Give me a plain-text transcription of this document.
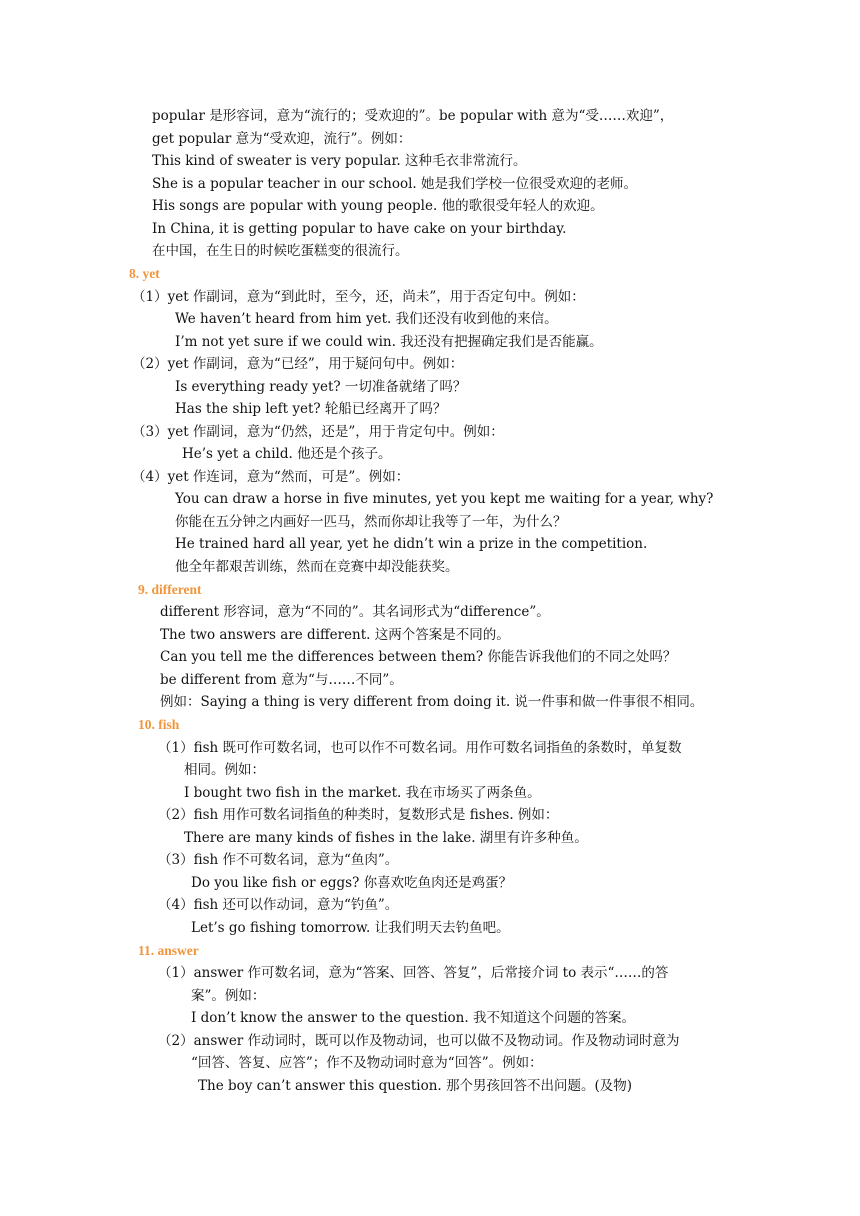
popular 是形容词，意为“流行的；受欢迎的”。be popular with 意为“受……欢迎”，
get popular 意为“受欢迎，流行”。例如：
This kind of sweater is very popular. 这种毛衣非常流行。
She is a popular teacher in our school. 她是我们学校一位很受欢迎的老师。
His songs are popular with young people. 他的歌很受年轻人的欢迎。
In China, it is getting popular to have cake on your birthday.
在中国，在生日的时候吃蛋糕变的很流行。
8. yet
（1）yet 作副词，意为“到此时，至今，还，尚未”，用于否定句中。例如：
We haven’t heard from him yet. 我们还没有收到他的来信。
I’m not yet sure if we could win. 我还没有把握确定我们是否能赢。
（2）yet 作副词，意为“已经”，用于疑问句中。例如：
Is everything ready yet? 一切准备就绪了吗？
Has the ship left yet? 轮船已经离开了吗？
（3）yet 作副词，意为“仍然，还是”，用于肯定句中。例如：
He’s yet a child. 他还是个孩子。
（4）yet 作连词，意为“然而，可是”。例如：
You can draw a horse in five minutes, yet you kept me waiting for a year, why?
你能在五分钟之内画好一匹马，然而你却让我等了一年，为什么？
He trained hard all year, yet he didn’t win a prize in the competition.
他全年都艰苦训练，然而在竞赛中却没能获奖。
9. different
different 形容词，意为“不同的”。其名词形式为“difference”。
The two answers are different. 这两个答案是不同的。
Can you tell me the differences between them? 你能告诉我他们的不同之处吗？
be different from 意为“与……不同”。
例如：Saying a thing is very different from doing it. 说一件事和做一件事很不相同。
10. fish
（1）fish 既可作可数名词，也可以作不可数名词。用作可数名词指鱼的条数时，单复数
相同。例如：
I bought two fish in the market. 我在市场买了两条鱼。
（2）fish 用作可数名词指鱼的种类时，复数形式是 fishes. 例如：
There are many kinds of fishes in the lake. 湖里有许多种鱼。
（3）fish 作不可数名词，意为“鱼肉”。
Do you like fish or eggs? 你喜欢吃鱼肉还是鸡蛋？
（4）fish 还可以作动词，意为“钓鱼”。
Let’s go fishing tomorrow. 让我们明天去钓鱼吧。
11. answer
（1）answer 作可数名词，意为“答案、回答、答复”，后常接介词 to 表示“……的答
案”。例如：
I don’t know the answer to the question. 我不知道这个问题的答案。
（2）answer 作动词时，既可以作及物动词，也可以做不及物动词。作及物动词时意为
“回答、答复、应答”；作不及物动词时意为“回答”。例如：
The boy can’t answer this question. 那个男孩回答不出问题。(及物)
